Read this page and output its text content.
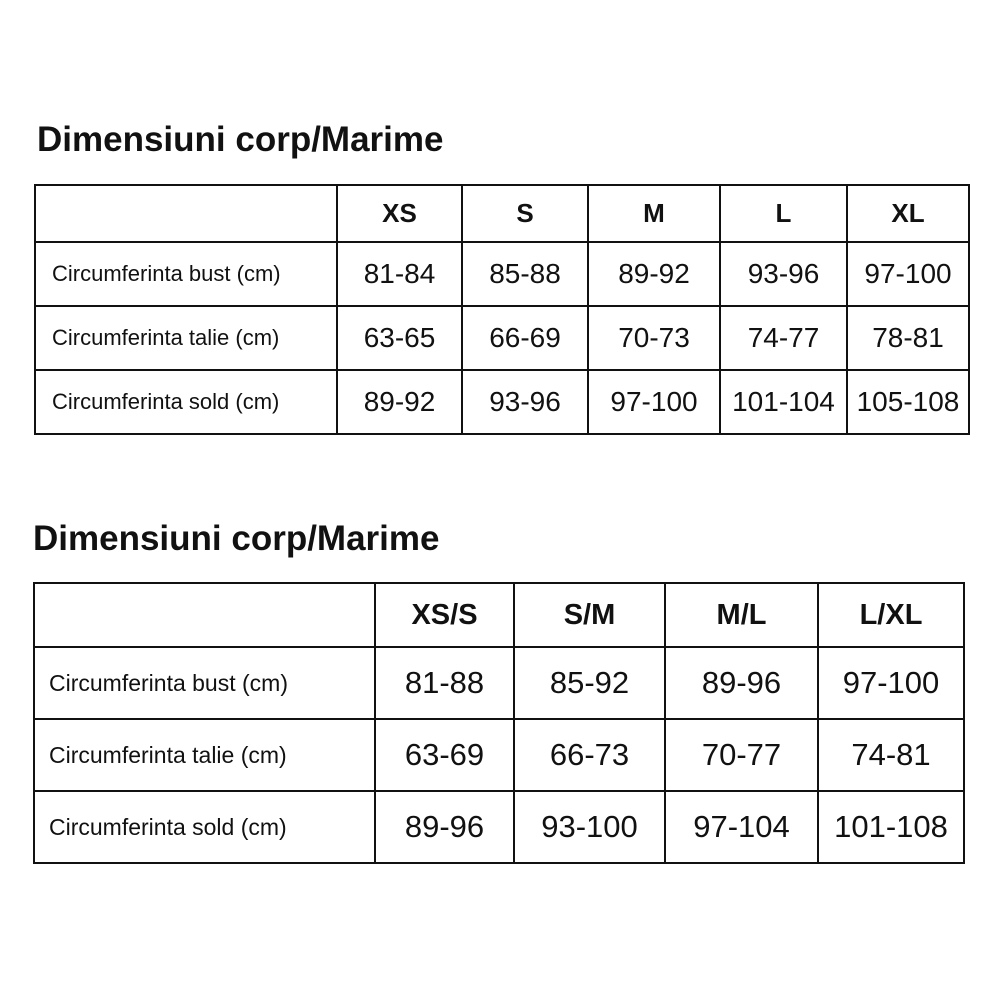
Dimensiuni corp/Marime
	XS	S	M	L	XL
Circumferinta bust (cm)	81-84	85-88	89-92	93-96	97-100
Circumferinta talie (cm)	63-65	66-69	70-73	74-77	78-81
Circumferinta sold (cm)	89-92	93-96	97-100	101-104	105-108
Dimensiuni corp/Marime
	XS/S	S/M	M/L	L/XL
Circumferinta bust (cm)	81-88	85-92	89-96	97-100
Circumferinta talie (cm)	63-69	66-73	70-77	74-81
Circumferinta sold (cm)	89-96	93-100	97-104	101-108
